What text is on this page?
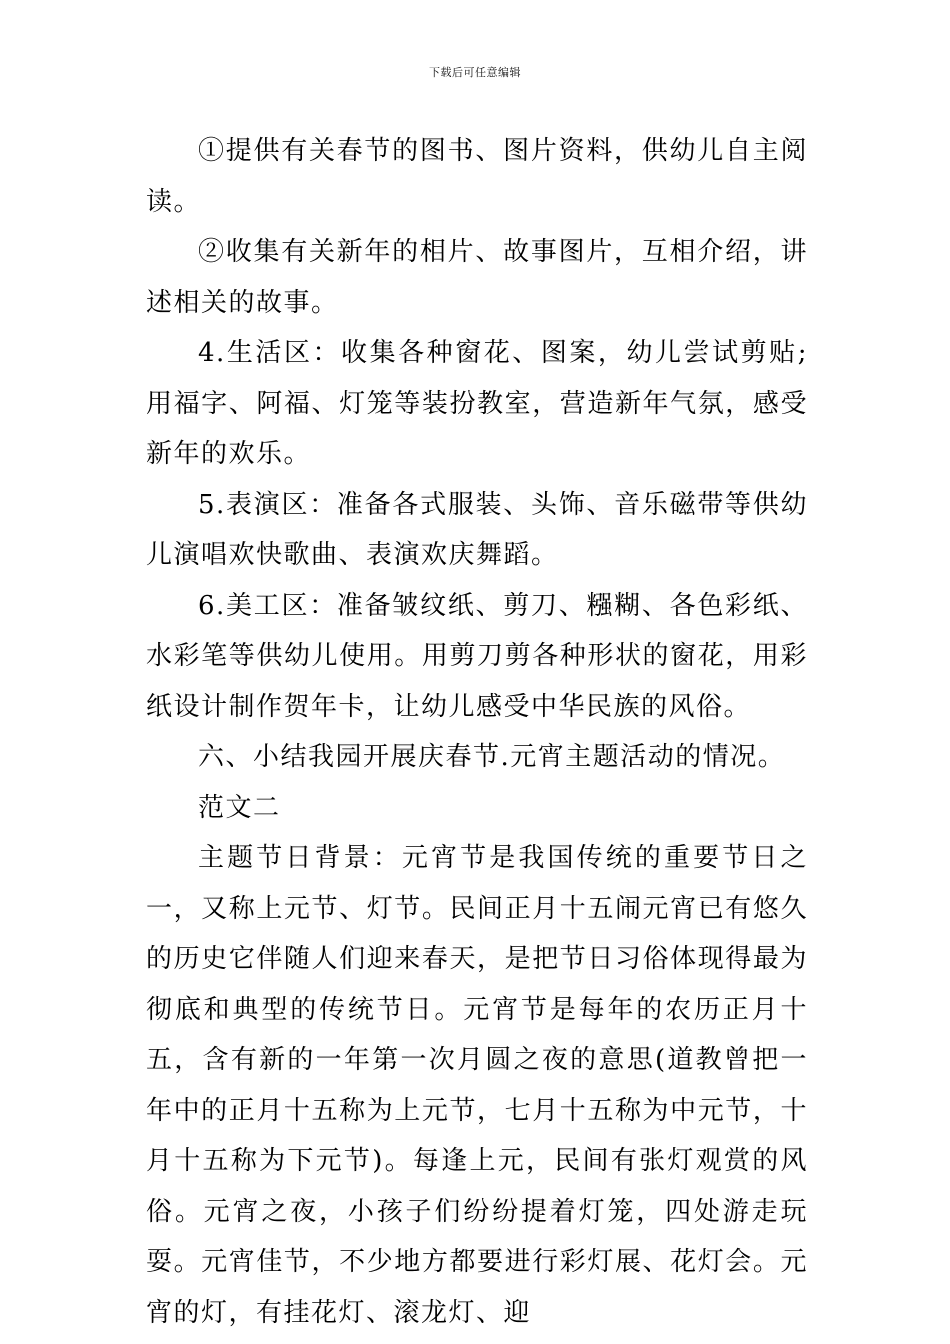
下载后可任意编辑

①提供有关春节的图书、图片资料，供幼儿自主阅读。

②收集有关新年的相片、故事图片，互相介绍，讲述相关的故事。

4.生活区：收集各种窗花、图案，幼儿尝试剪贴;用福字、阿福、灯笼等装扮教室，营造新年气氛，感受新年的欢乐。

5.表演区：准备各式服装、头饰、音乐磁带等供幼儿演唱欢快歌曲、表演欢庆舞蹈。

6.美工区：准备皱纹纸、剪刀、糨糊、各色彩纸、水彩笔等供幼儿使用。用剪刀剪各种形状的窗花，用彩纸设计制作贺年卡，让幼儿感受中华民族的风俗。

六、小结我园开展庆春节.元宵主题活动的情况。

范文二

主题节日背景：元宵节是我国传统的重要节日之一，又称上元节、灯节。民间正月十五闹元宵已有悠久的历史它伴随人们迎来春天，是把节日习俗体现得最为彻底和典型的传统节日。元宵节是每年的农历正月十五，含有新的一年第一次月圆之夜的意思(道教曾把一年中的正月十五称为上元节，七月十五称为中元节，十月十五称为下元节)。每逢上元，民间有张灯观赏的风俗。元宵之夜，小孩子们纷纷提着灯笼，四处游走玩耍。元宵佳节，不少地方都要进行彩灯展、花灯会。元宵的灯，有挂花灯、滚龙灯、迎
